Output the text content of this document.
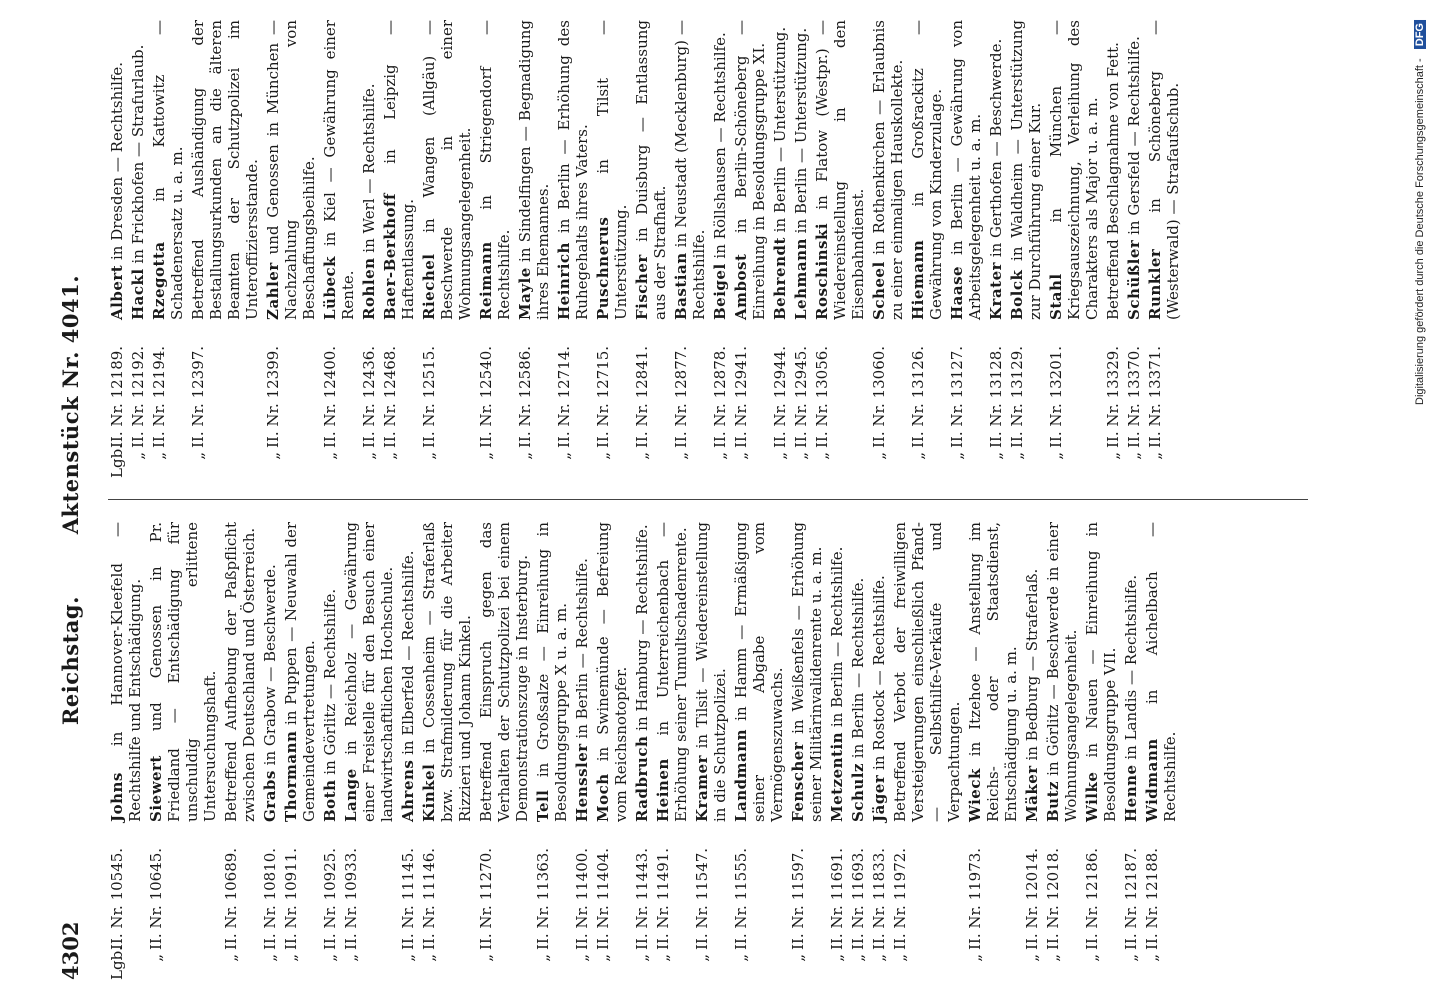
4302
Reichstag. Aktenstück Nr. 4041.
Lgb.
II. Nr. 10545.
Johns in Hannover-Kleefeld — Rechtshilfe und Entschädigung.
„
II. Nr. 10645.
Siewert und Genossen in Pr. Friedland — Entschädigung für unschuldig erlittene Untersuchungshaft.
„
II. Nr. 10689.
Betreffend Aufhebung der Paßpflicht zwischen Deutschland und Österreich.
„
II. Nr. 10810.
Grabs in Grabow — Beschwerde.
„
II. Nr. 10911.
Thormann in Puppen — Neuwahl der Gemeindevertretungen.
„
II. Nr. 10925.
Both in Görlitz — Rechtshilfe.
„
II. Nr. 10933.
Lange in Reichholz — Gewährung einer Freistelle für den Besuch einer landwirtschaftlichen Hochschule.
„
II. Nr. 11145.
Ahrens in Elberfeld — Rechtshilfe.
„
II. Nr. 11146.
Kinkel in Cossenheim — Straferlaß bzw. Strafmilderung für die Arbeiter Rizzieri und Johann Kinkel.
„
II. Nr. 11270.
Betreffend Einspruch gegen das Verhalten der Schutzpolizei bei einem Demonstrationszuge in Insterburg.
„
II. Nr. 11363.
Tell in Großsalze — Einreihung in Besoldungsgruppe X u. a. m.
„
II. Nr. 11400.
Henssler in Berlin — Rechtshilfe.
„
II. Nr. 11404.
Moch in Swinemünde — Befreiung vom Reichsnotopfer.
„
II. Nr. 11443.
Radbruch in Hamburg — Rechtshilfe.
„
II. Nr. 11491.
Heinen in Unterreichenbach — Erhöhung seiner Tumultschadenrente.
„
II. Nr. 11547.
Kramer in Tilsit — Wiedereinstellung in die Schutzpolizei.
„
II. Nr. 11555.
Landmann in Hamm — Ermäßigung seiner Abgabe vom Vermögenszuwachs.
„
II. Nr. 11597.
Fenscher in Weißenfels — Erhöhung seiner Militärinvalidenrente u. a. m.
„
II. Nr. 11691.
Metzentin in Berlin — Rechtshilfe.
„
II. Nr. 11693.
Schulz in Berlin — Rechtshilfe.
„
II. Nr. 11833.
Jäger in Rostock — Rechtshilfe.
„
II. Nr. 11972.
Betreffend Verbot der freiwilligen Versteigerungen einschließlich Pfand- — Selbsthilfe-Verkäufe und Verpachtungen.
„
II. Nr. 11973.
Wieck in Itzehoe — Anstellung im Reichs- oder Staatsdienst, Entschädigung u. a. m.
„
II. Nr. 12014.
Mäker in Bedburg — Straferlaß.
„
II. Nr. 12018.
Butz in Görlitz — Beschwerde in einer Wohnungsangelegenheit.
„
II. Nr. 12186.
Wilke in Nauen — Einreihung in Besoldungsgruppe VII.
„
II. Nr. 12187.
Henne in Landis — Rechtshilfe.
„
II. Nr. 12188.
Widmann in Aichelbach — Rechtshilfe.
Lgb.
II. Nr. 12189.
Albert in Dresden — Rechtshilfe.
„
II. Nr. 12192.
Hackl in Frickhofen — Strafurlaub.
„
II. Nr. 12194.
Rzegotta in Kattowitz — Schadenersatz u. a. m.
„
II. Nr. 12397.
Betreffend Aushändigung der Bestallungsurkunden an die älteren Beamten der Schutzpolizei im Unteroffiziersstande.
„
II. Nr. 12399.
Zahler und Genossen in München — Nachzahlung von Beschaffungsbeihilfe.
„
II. Nr. 12400.
Lübeck in Kiel — Gewährung einer Rente.
„
II. Nr. 12436.
Rohlen in Werl — Rechtshilfe.
„
II. Nr. 12468.
Baer-Berkhoff in Leipzig — Haftentlassung.
„
II. Nr. 12515.
Riechel in Wangen (Allgäu) — Beschwerde in einer Wohnungsangelegenheit.
„
II. Nr. 12540.
Reimann in Striegendorf — Rechtshilfe.
„
II. Nr. 12586.
Mayle in Sindelfingen — Begnadigung ihres Ehemannes.
„
II. Nr. 12714.
Heinrich in Berlin — Erhöhung des Ruhegehalts ihres Vaters.
„
II. Nr. 12715.
Puschnerus in Tilsit — Unterstützung.
„
II. Nr. 12841.
Fischer in Duisburg — Entlassung aus der Strafhaft.
„
II. Nr. 12877.
Bastian in Neustadt (Mecklenburg) — Rechtshilfe.
„
II. Nr. 12878.
Beigel in Röllshausen — Rechtshilfe.
„
II. Nr. 12941.
Ambost in Berlin-Schöneberg — Einreihung in Besoldungsgruppe XI.
„
II. Nr. 12944.
Behrendt in Berlin — Unterstützung.
„
II. Nr. 12945.
Lehmann in Berlin — Unterstützung.
„
II. Nr. 13056.
Roschinski in Flatow (Westpr.) — Wiedereinstellung in den Eisenbahndienst.
„
II. Nr. 13060.
Scheel in Rothenkirchen — Erlaubnis zu einer einmaligen Hauskollekte.
„
II. Nr. 13126.
Hiemann in Großrackitz — Gewährung von Kinderzulage.
„
II. Nr. 13127.
Haase in Berlin — Gewährung von Arbeitsgelegenheit u. a. m.
„
II. Nr. 13128.
Krater in Gerthofen — Beschwerde.
„
II. Nr. 13129.
Bolck in Waldheim — Unterstützung zur Durchführung einer Kur.
„
II. Nr. 13201.
Stahl in München — Kriegsauszeichnung, Verleihung des Charakters als Major u. a. m.
„
II. Nr. 13329.
Betreffend Beschlagnahme von Fett.
„
II. Nr. 13370.
Schüßler in Gersfeld — Rechtshilfe.
„
II. Nr. 13371.
Runkler in Schöneberg — (Westerwald) — Strafaufschub.	Digitalisierung gefördert durch die Deutsche Forschungsgemeinschaft - DFG
